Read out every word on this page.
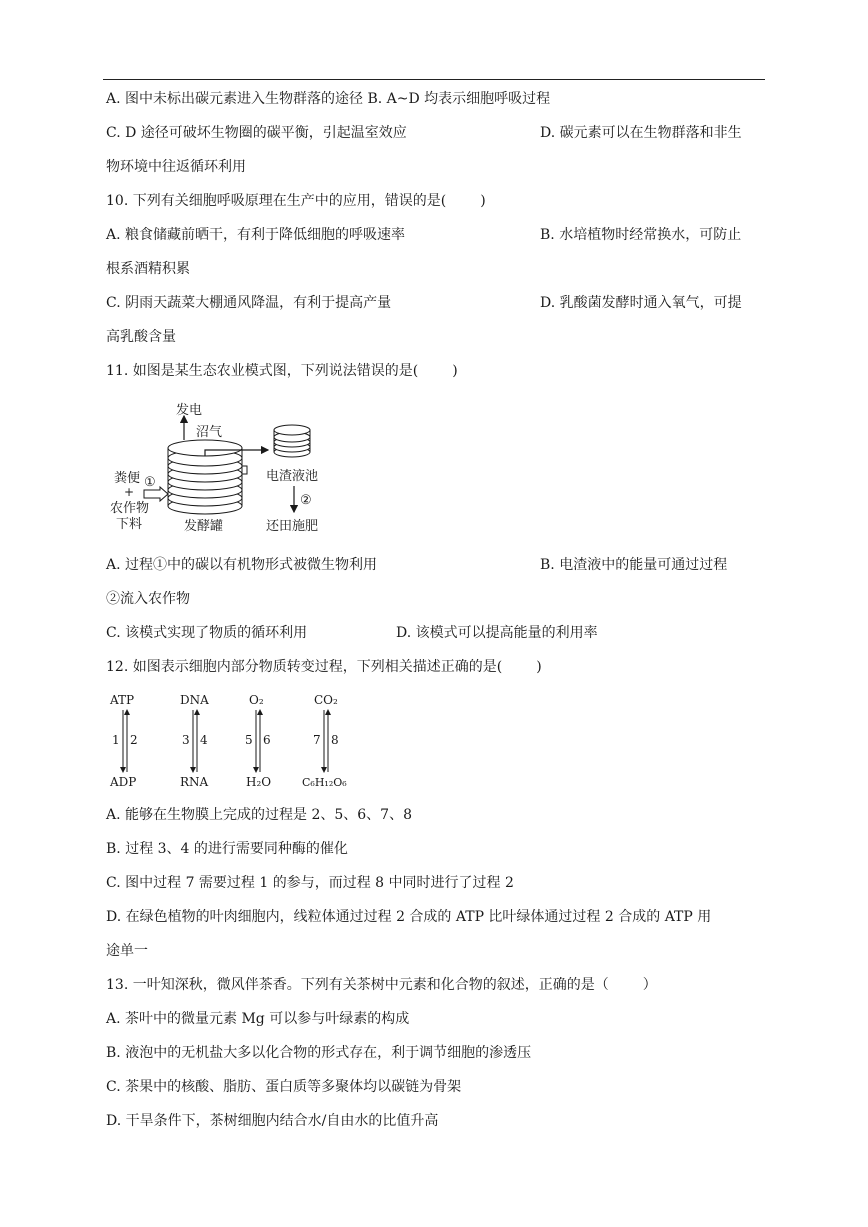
A. 图中未标出碳元素进入生物群落的途径 B. A~D 均表示细胞呼吸过程
C. D 途径可破坏生物圈的碳平衡，引起温室效应	D. 碳元素可以在生物群落和非生
物环境中往返循环利用
10. 下列有关细胞呼吸原理在生产中的应用，错误的是( )
A. 粮食储藏前晒干，有利于降低细胞的呼吸速率	B. 水培植物时经常换水，可防止
根系酒精积累
C. 阴雨天蔬菜大棚通风降温，有利于提高产量	D. 乳酸菌发酵时通入氧气，可提
高乳酸含量
11. 如图是某生态农业模式图，下列说法错误的是( )
发电
沼气
电渣液池
②
还田施肥
粪便
+
农作物
下料
①
发酵罐
A. 过程①中的碳以有机物形式被微生物利用	B. 电渣液中的能量可通过过程
②流入农作物
C. 该模式实现了物质的循环利用	D. 该模式可以提高能量的利用率
12. 如图表示细胞内部分物质转变过程，下列相关描述正确的是( )
ATP
1 2
ADP
DNA
3 4
RNA
O₂
5 6
H₂O
CO₂
7 8
C₆H₁₂O₆
A. 能够在生物膜上完成的过程是 2、5、6、7、8
B. 过程 3、4 的进行需要同种酶的催化
C. 图中过程 7 需要过程 1 的参与，而过程 8 中同时进行了过程 2
D. 在绿色植物的叶肉细胞内，线粒体通过过程 2 合成的 ATP 比叶绿体通过过程 2 合成的 ATP 用
途单一
13. 一叶知深秋，微风伴茶香。下列有关茶树中元素和化合物的叙述，正确的是（ ）
A. 茶叶中的微量元素 Mg 可以参与叶绿素的构成
B. 液泡中的无机盐大多以化合物的形式存在，利于调节细胞的渗透压
C. 茶果中的核酸、脂肪、蛋白质等多聚体均以碳链为骨架
D. 干旱条件下，茶树细胞内结合水/自由水的比值升高
